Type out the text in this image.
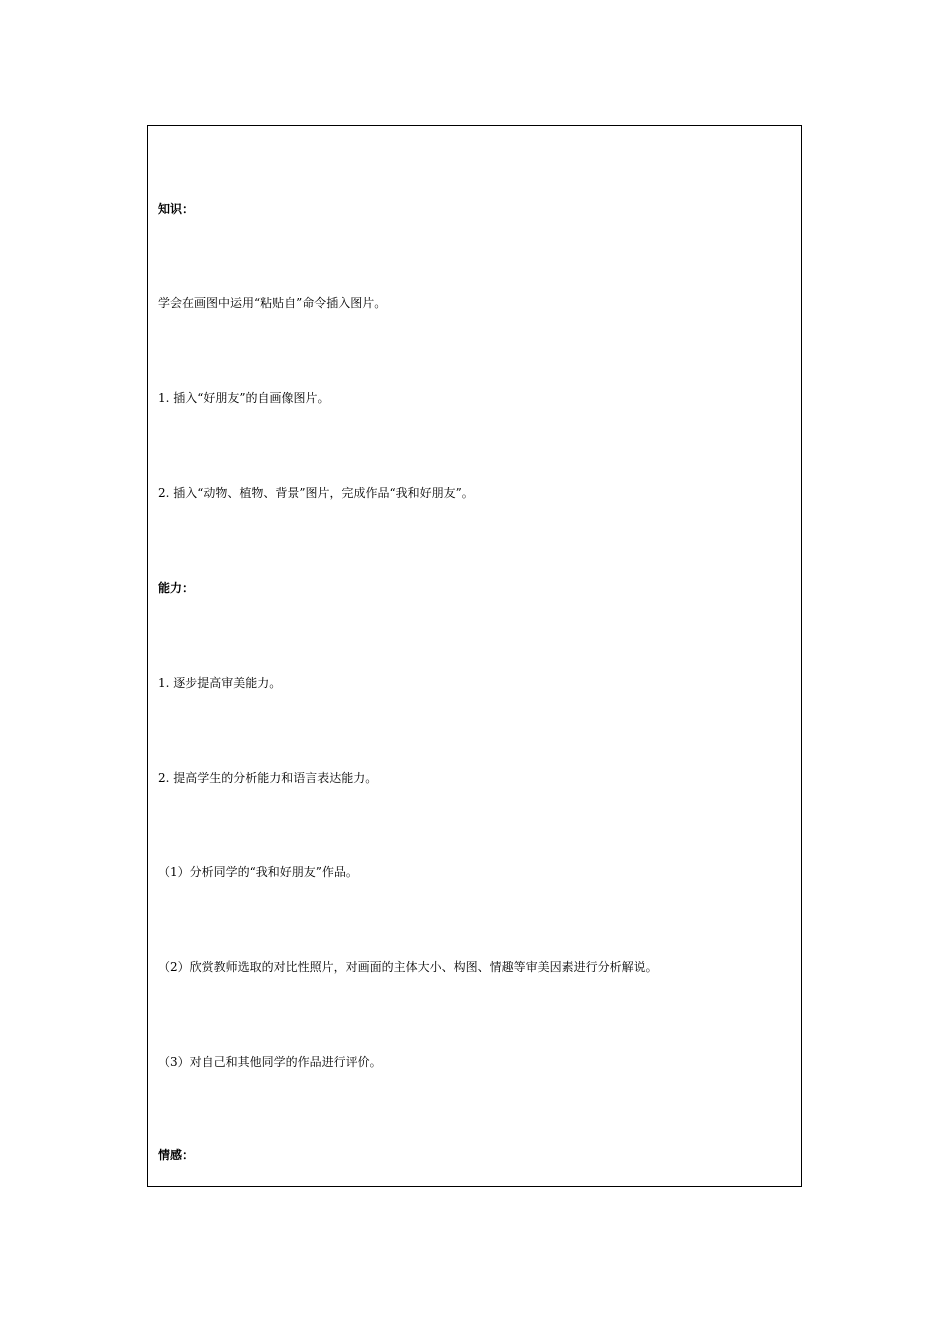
知识：
学会在画图中运用“粘贴自”命令插入图片。
1. 插入“好朋友”的自画像图片。
2. 插入“动物、植物、背景”图片，完成作品“我和好朋友”。
能力：
1. 逐步提高审美能力。
2. 提高学生的分析能力和语言表达能力。
（1）分析同学的“我和好朋友”作品。
（2）欣赏教师选取的对比性照片，对画面的主体大小、构图、情趣等审美因素进行分析解说。
（3）对自己和其他同学的作品进行评价。
情感：
